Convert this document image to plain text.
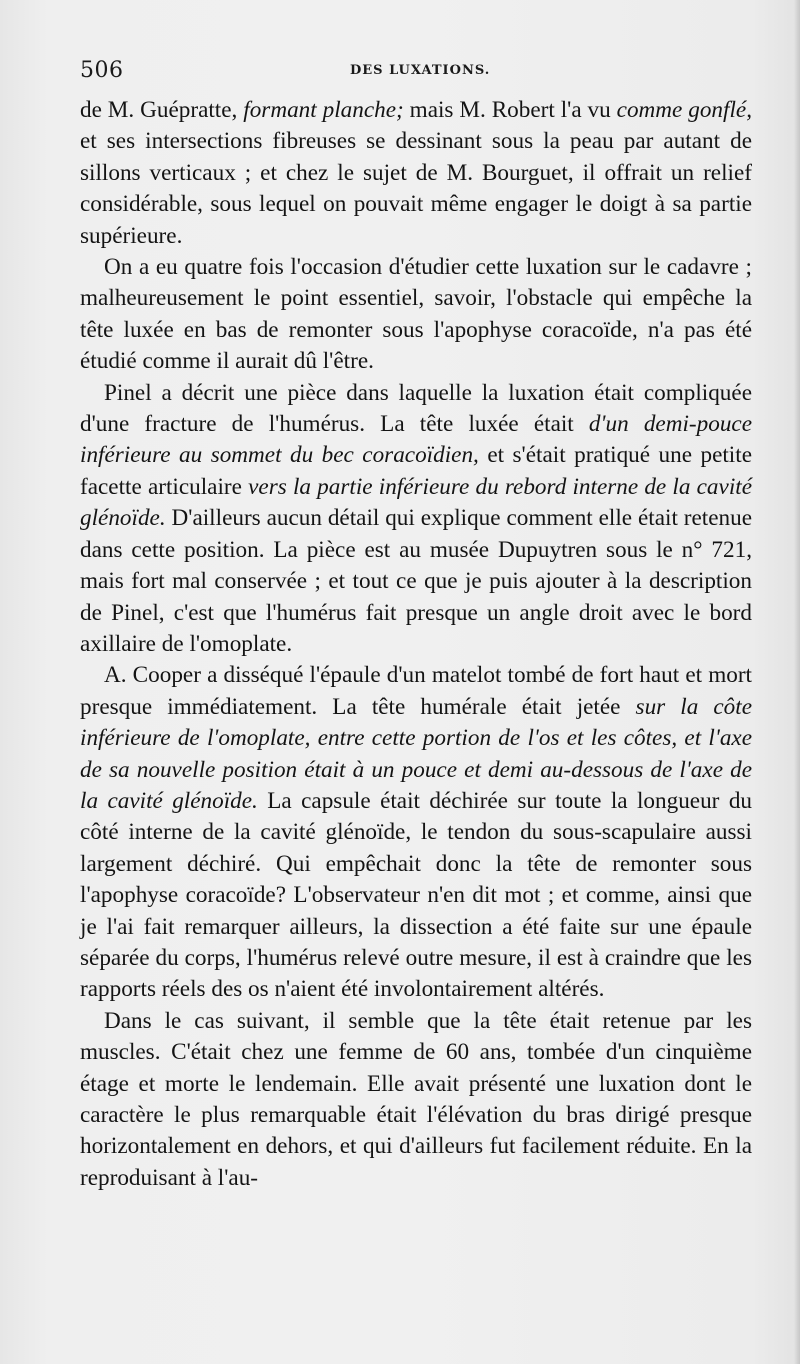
506	DES LUXATIONS.

de M. Guépratte, formant planche; mais M. Robert l'a vu comme gonflé, et ses intersections fibreuses se dessinant sous la peau par autant de sillons verticaux ; et chez le sujet de M. Bourguet, il offrait un relief considérable, sous lequel on pouvait même engager le doigt à sa partie supérieure.

On a eu quatre fois l'occasion d'étudier cette luxation sur le cadavre ; malheureusement le point essentiel, savoir, l'obstacle qui empêche la tête luxée en bas de remonter sous l'apophyse coracoïde, n'a pas été étudié comme il aurait dû l'être.

Pinel a décrit une pièce dans laquelle la luxation était compliquée d'une fracture de l'humérus. La tête luxée était d'un demi-pouce inférieure au sommet du bec coracoïdien, et s'était pratiqué une petite facette articulaire vers la partie inférieure du rebord interne de la cavité glénoïde. D'ailleurs aucun détail qui explique comment elle était retenue dans cette position. La pièce est au musée Dupuytren sous le n° 721, mais fort mal conservée ; et tout ce que je puis ajouter à la description de Pinel, c'est que l'humérus fait presque un angle droit avec le bord axillaire de l'omoplate.

A. Cooper a disséqué l'épaule d'un matelot tombé de fort haut et mort presque immédiatement. La tête humérale était jetée sur la côte inférieure de l'omoplate, entre cette portion de l'os et les côtes, et l'axe de sa nouvelle position était à un pouce et demi au-dessous de l'axe de la cavité glénoïde. La capsule était déchirée sur toute la longueur du côté interne de la cavité glénoïde, le tendon du sous-scapulaire aussi largement déchiré. Qui empêchait donc la tête de remonter sous l'apophyse coracoïde? L'observateur n'en dit mot ; et comme, ainsi que je l'ai fait remarquer ailleurs, la dissection a été faite sur une épaule séparée du corps, l'humérus relevé outre mesure, il est à craindre que les rapports réels des os n'aient été involontairement altérés.

Dans le cas suivant, il semble que la tête était retenue par les muscles. C'était chez une femme de 60 ans, tombée d'un cinquième étage et morte le lendemain. Elle avait présenté une luxation dont le caractère le plus remarquable était l'élévation du bras dirigé presque horizontalement en dehors, et qui d'ailleurs fut facilement réduite. En la reproduisant à l'au-
